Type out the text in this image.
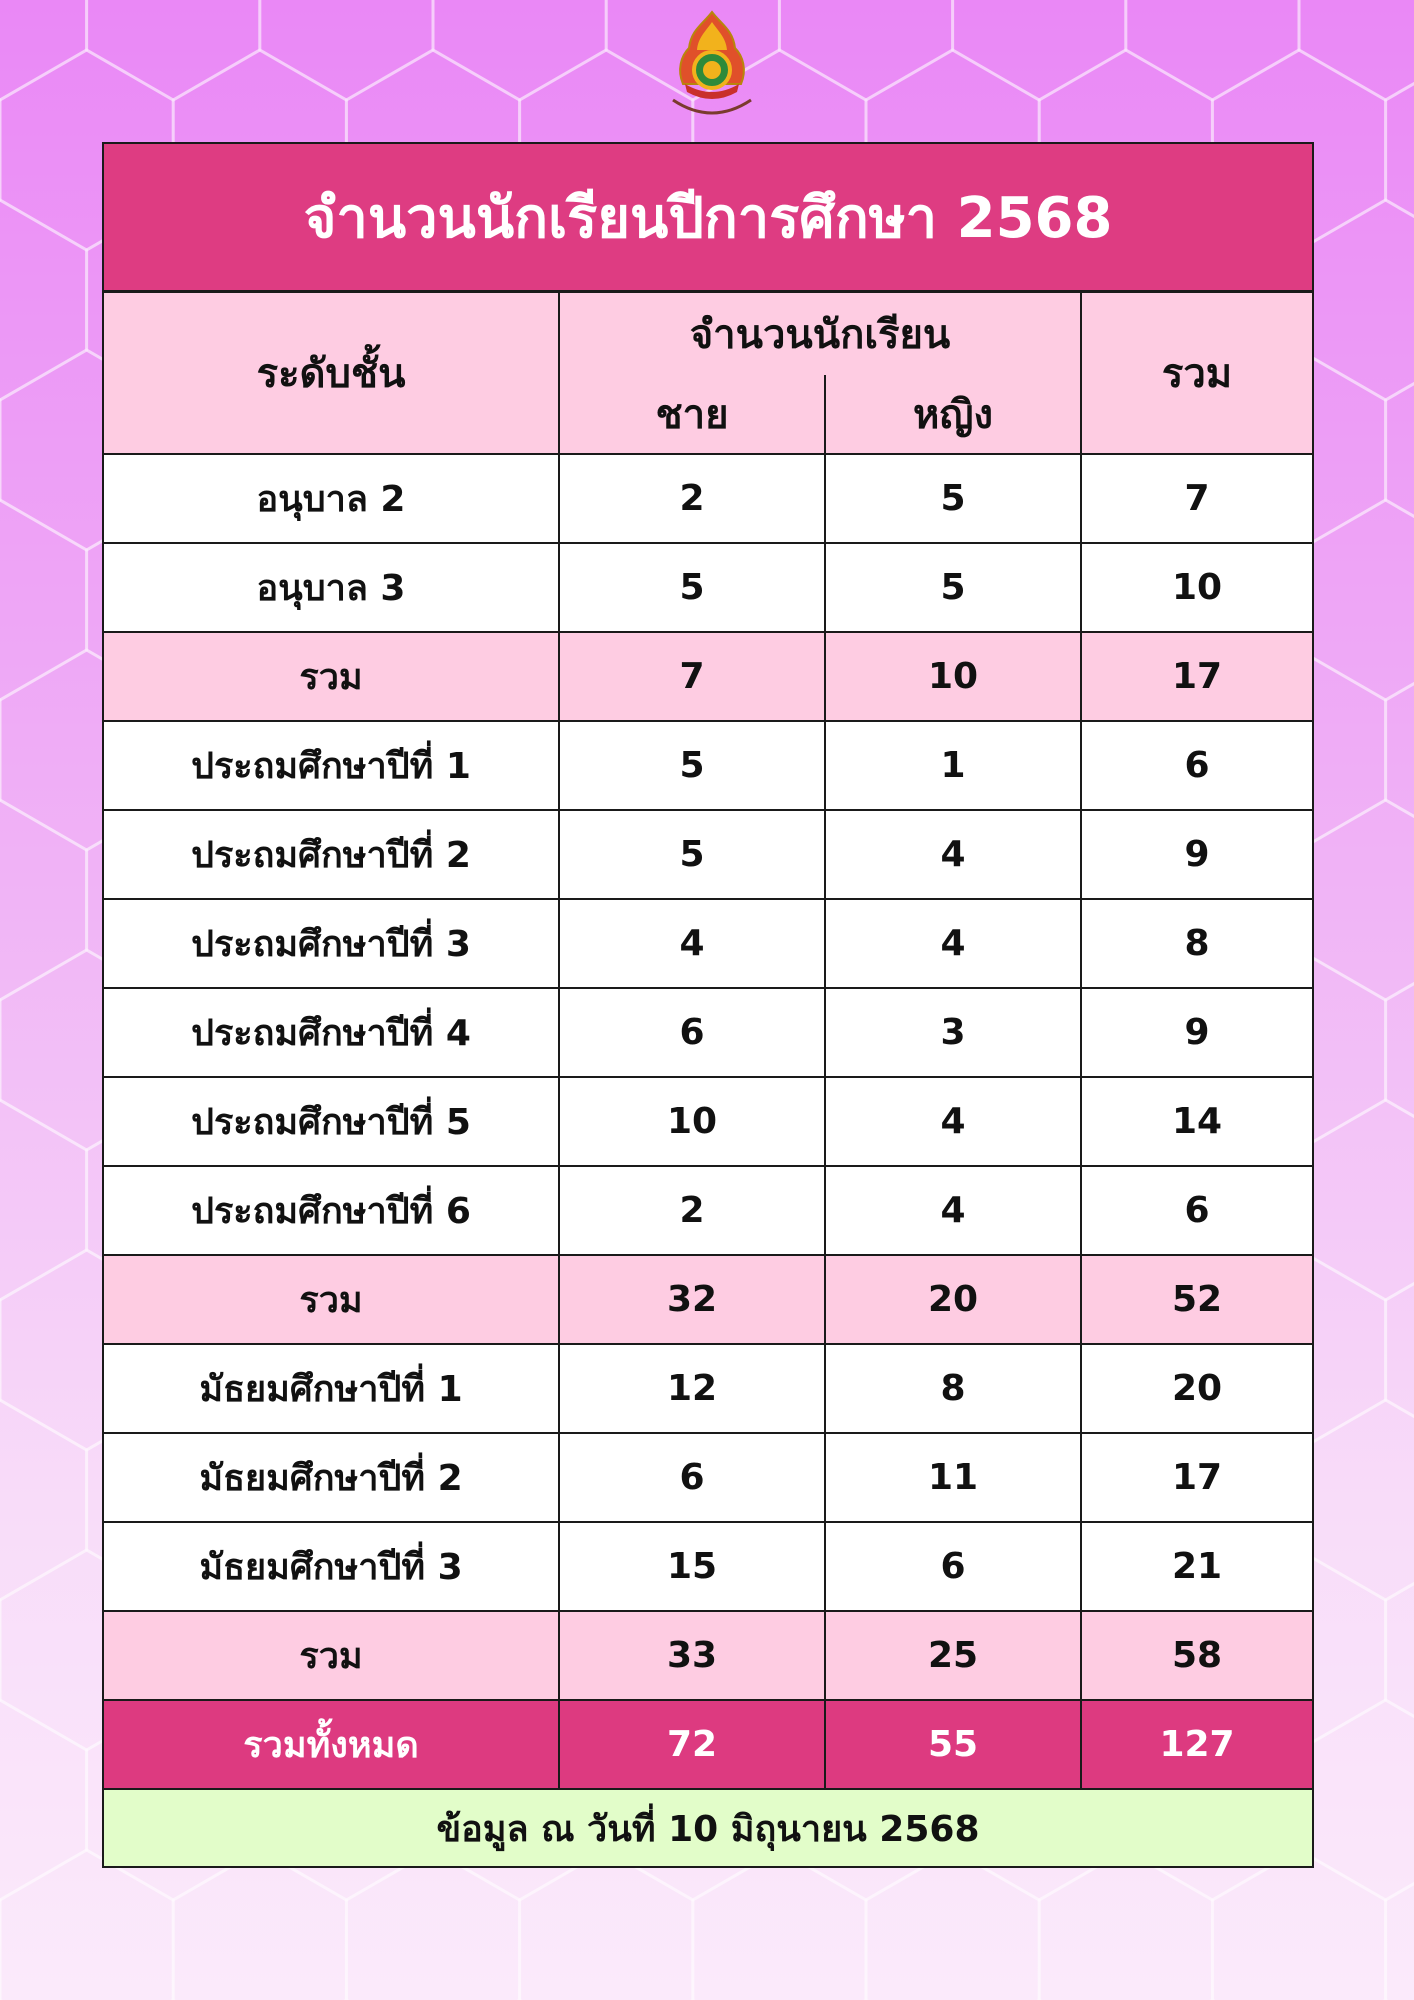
จำนวนนักเรียนปีการศึกษา 2568			
ระดับชั้น	จำนวนนักเรียน		รวม
	ชาย	หญิง	
อนุบาล 2	2	5	7
อนุบาล 3	5	5	10
รวม	7	10	17
ประถมศึกษาปีที่ 1	5	1	6
ประถมศึกษาปีที่ 2	5	4	9
ประถมศึกษาปีที่ 3	4	4	8
ประถมศึกษาปีที่ 4	6	3	9
ประถมศึกษาปีที่ 5	10	4	14
ประถมศึกษาปีที่ 6	2	4	6
รวม	32	20	52
มัธยมศึกษาปีที่ 1	12	8	20
มัธยมศึกษาปีที่ 2	6	11	17
มัธยมศึกษาปีที่ 3	15	6	21
รวม	33	25	58
รวมทั้งหมด	72	55	127
ข้อมูล ณ วันที่ 10 มิถุนายน 2568			
